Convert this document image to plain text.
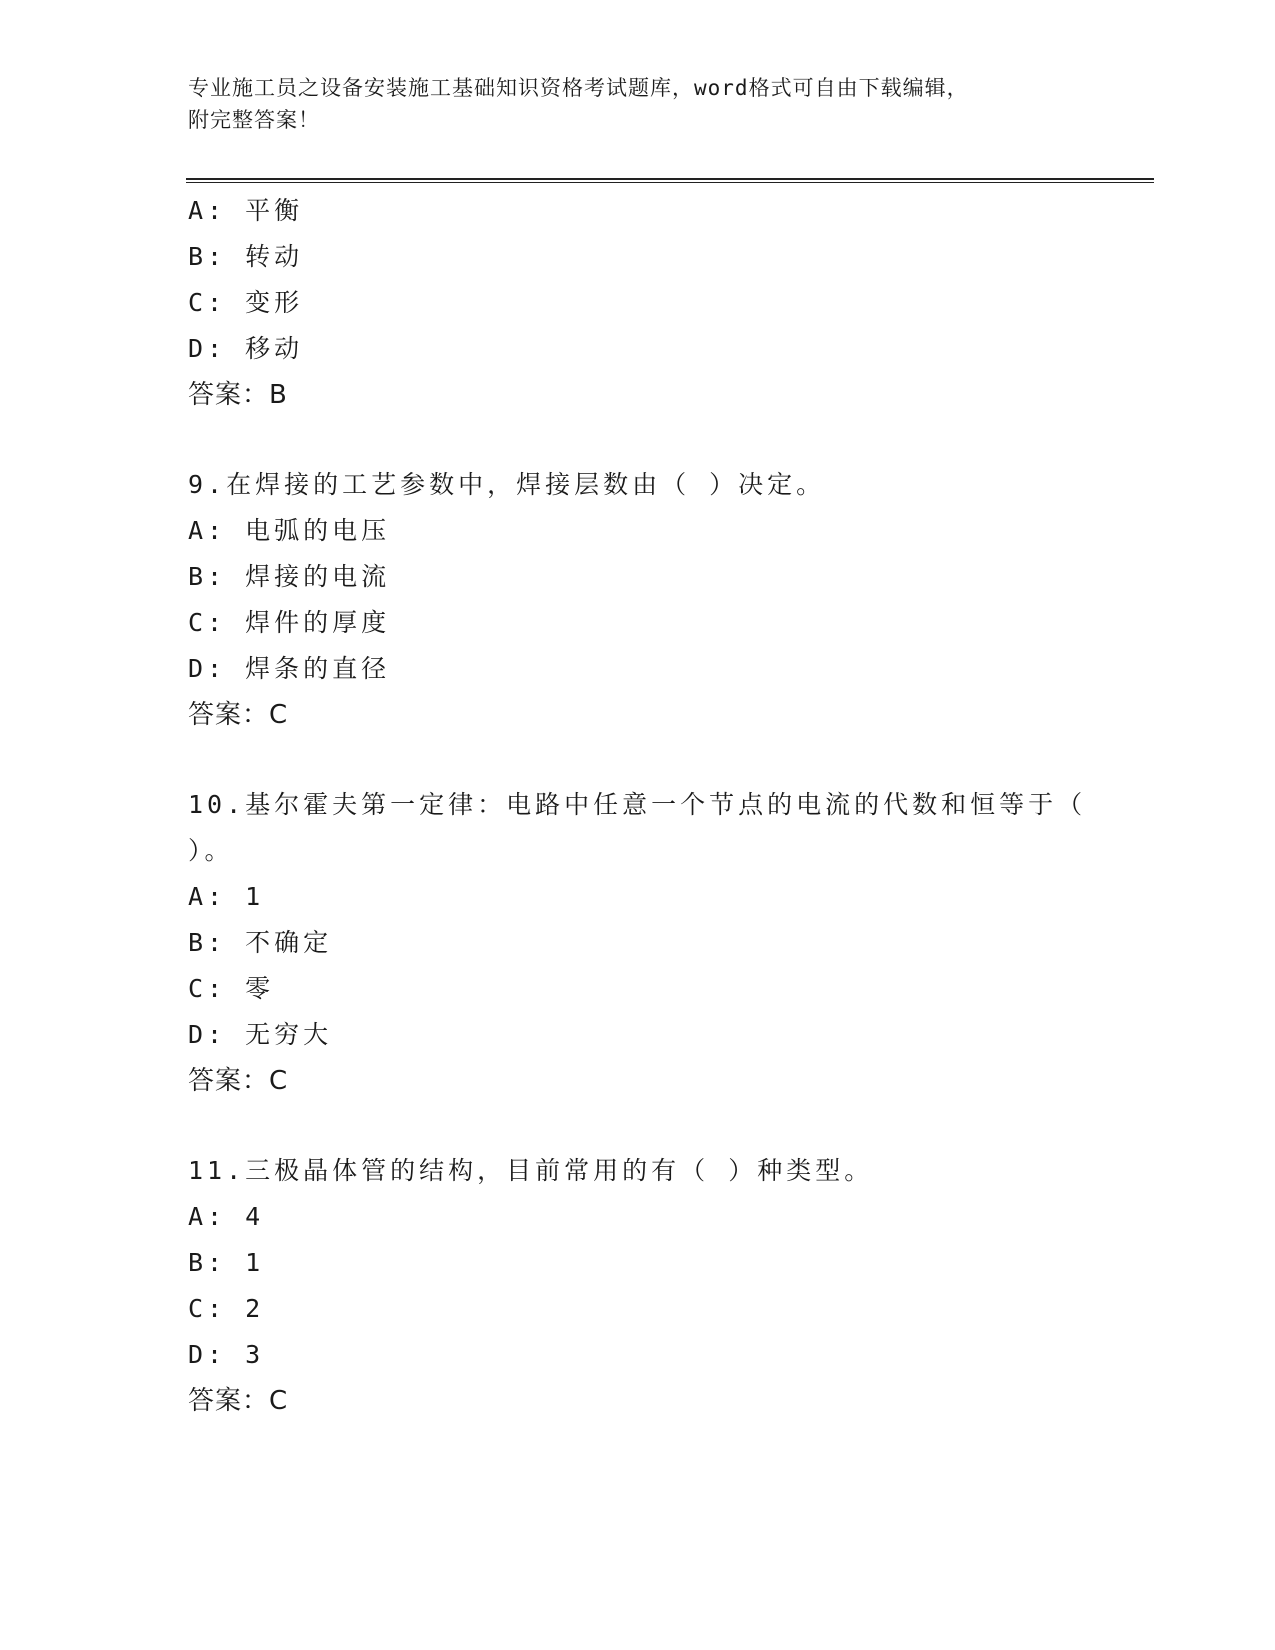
专业施工员之设备安装施工基础知识资格考试题库，word格式可自由下载编辑，
附完整答案！
A: 平衡
B: 转动
C: 变形
D: 移动
答案：B
9.在焊接的工艺参数中，焊接层数由（ ）决定。
A: 电弧的电压
B: 焊接的电流
C: 焊件的厚度
D: 焊条的直径
答案：C
10.基尔霍夫第一定律：电路中任意一个节点的电流的代数和恒等于（
）。
A: 1
B: 不确定
C: 零
D: 无穷大
答案：C
11.三极晶体管的结构，目前常用的有（ ）种类型。
A: 4
B: 1
C: 2
D: 3
答案：C
